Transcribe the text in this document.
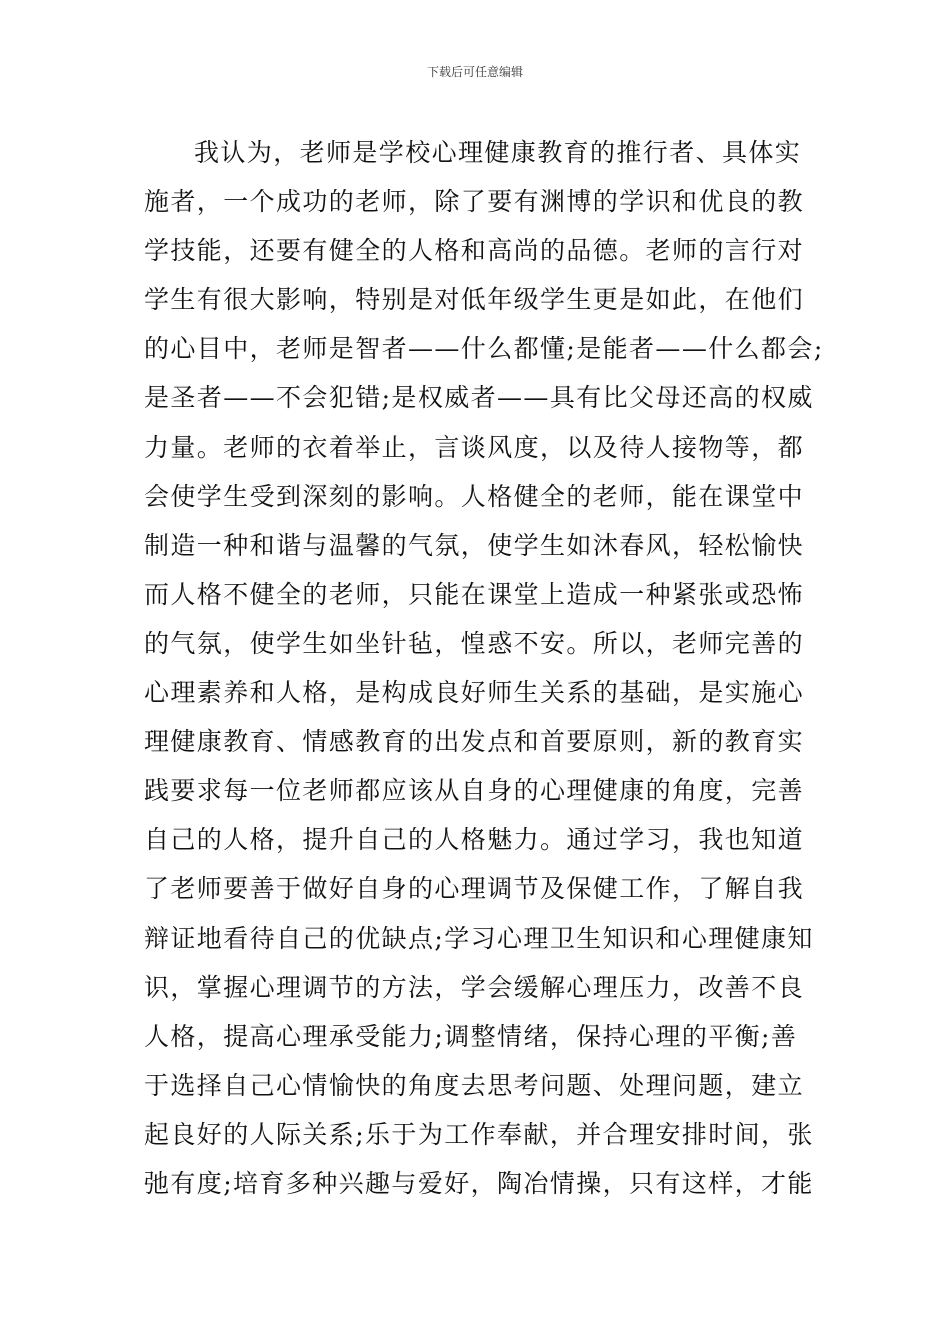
下载后可任意编辑
我认为，老师是学校心理健康教育的推行者、具体实
施者，一个成功的老师，除了要有渊博的学识和优良的教
学技能，还要有健全的人格和高尚的品德。老师的言行对
学生有很大影响，特别是对低年级学生更是如此，在他们
的心目中，老师是智者——什么都懂;是能者——什么都会;
是圣者——不会犯错;是权威者——具有比父母还高的权威
力量。老师的衣着举止，言谈风度，以及待人接物等，都
会使学生受到深刻的影响。人格健全的老师，能在课堂中
制造一种和谐与温馨的气氛，使学生如沐春风，轻松愉快
而人格不健全的老师，只能在课堂上造成一种紧张或恐怖
的气氛，使学生如坐针毡，惶惑不安。所以，老师完善的
心理素养和人格，是构成良好师生关系的基础，是实施心
理健康教育、情感教育的出发点和首要原则，新的教育实
践要求每一位老师都应该从自身的心理健康的角度，完善
自己的人格，提升自己的人格魅力。通过学习，我也知道
了老师要善于做好自身的心理调节及保健工作，了解自我
辩证地看待自己的优缺点;学习心理卫生知识和心理健康知
识，掌握心理调节的方法，学会缓解心理压力，改善不良
人格，提高心理承受能力;调整情绪，保持心理的平衡;善
于选择自己心情愉快的角度去思考问题、处理问题，建立
起良好的人际关系;乐于为工作奉献，并合理安排时间，张
弛有度;培育多种兴趣与爱好，陶冶情操，只有这样，才能
